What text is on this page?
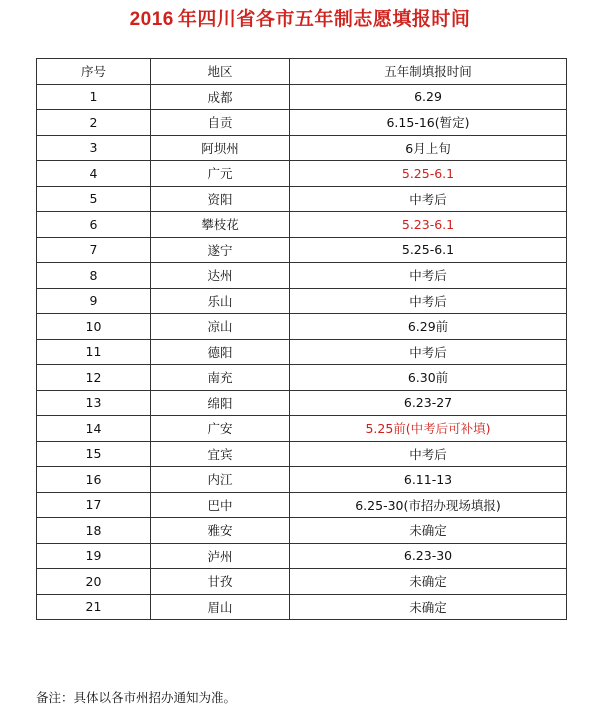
2016 年四川省各市五年制志愿填报时间
序号	地区	五年制填报时间
1	成都	6.29
2	自贡	6.15-16(暂定)
3	阿坝州	6月上旬
4	广元	5.25-6.1
5	资阳	中考后
6	攀枝花	5.23-6.1
7	遂宁	5.25-6.1
8	达州	中考后
9	乐山	中考后
10	凉山	6.29前
11	德阳	中考后
12	南充	6.30前
13	绵阳	6.23-27
14	广安	5.25前(中考后可补填)
15	宜宾	中考后
16	内江	6.11-13
17	巴中	6.25-30(市招办现场填报)
18	雅安	未确定
19	泸州	6.23-30
20	甘孜	未确定
21	眉山	未确定
备注：具体以各市州招办通知为准。
